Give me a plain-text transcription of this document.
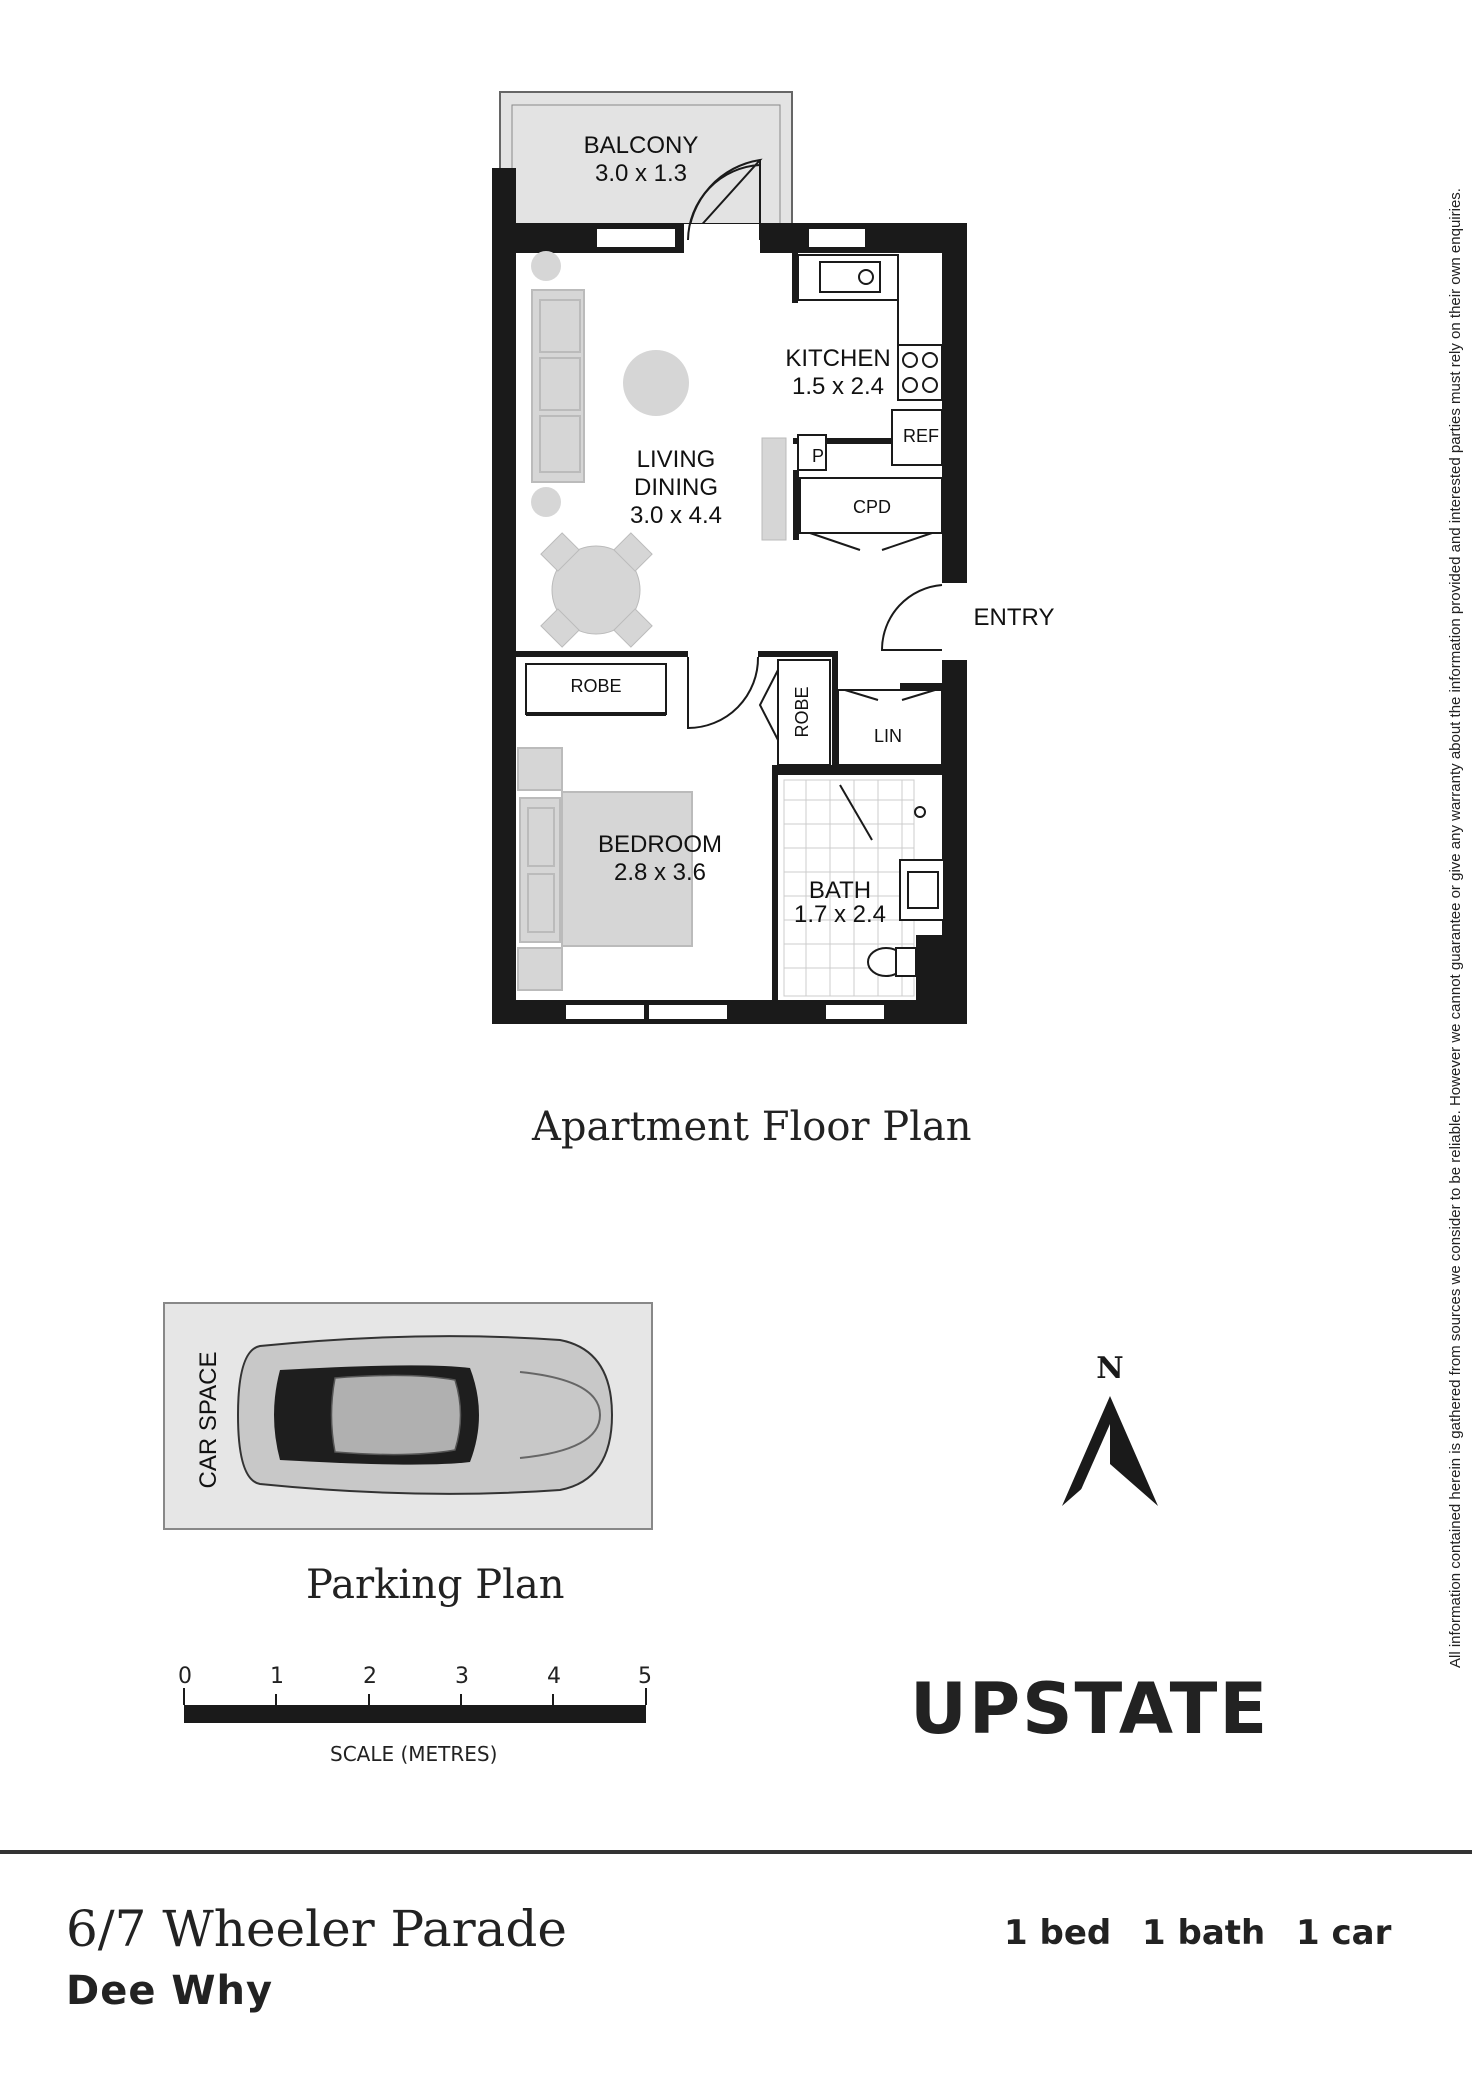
BALCONY
3.0 x 1.3
KITCHEN
1.5 x 2.4
LIVING
DINING
3.0 x 4.4
BEDROOM
2.8 x 3.6
BATH
1.7 x 2.4
REF
P
CPD
ROBE
LIN
ROBE
ENTRY
CAR SPACE	N
Apartment Floor Plan
Parking Plan
0	1	2	3	4	5
SCALE (METRES)
UPSTATE
All information contained herein is gathered from sources we consider to be reliable. However we cannot guarantee or give any warranty about the information provided and interested parties must rely on their own enquiries.
6/7 Wheeler Parade
Dee Why
1 bed 1 bath 1 car
